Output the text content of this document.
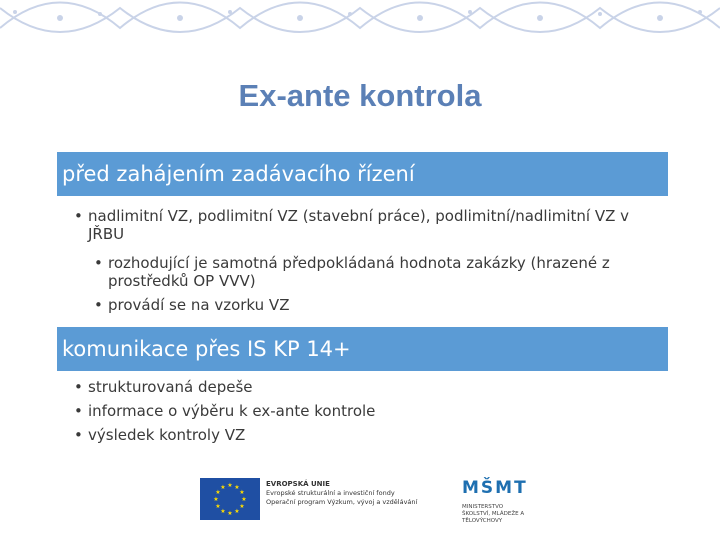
Ex-ante kontrola
před zahájením zadávacího řízení
• nadlimitní VZ, podlimitní VZ (stavební práce), podlimitní/nadlimitní VZ v JŘBU
• rozhodující je samotná předpokládaná hodnota zakázky (hrazené z prostředků OP VVV)
• provádí se na vzorku VZ
komunikace přes IS KP 14+
• strukturovaná depeše
• informace o výběru k ex-ante kontrole
• výsledek kontroly VZ
★ ★
★
★
★
★
★
★
★
★
★
★	EVROPSKÁ UNIE
Evropské strukturální a investiční fondy
Operační program Výzkum, vývoj a vzdělávání
MŠMT
MINISTERSTVO ŠKOLSTVÍ, MLÁDEŽE A TĚLOVÝCHOVY
